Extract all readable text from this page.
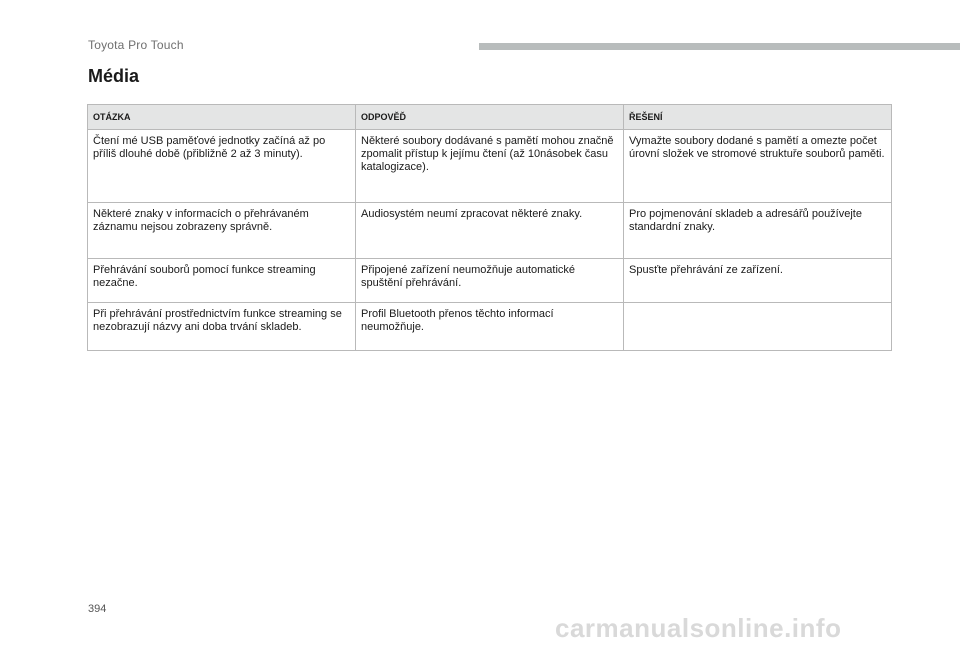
Toyota Pro Touch
Média
OTÁZKA	ODPOVĚĎ	ŘEŠENÍ
Čtení mé USB paměťové jednotky začíná až po příliš dlouhé době (přibližně 2 až 3 minuty).	Některé soubory dodávané s pamětí mohou značně zpomalit přístup k jejímu čtení (až 10násobek času katalogizace).	Vymažte soubory dodané s pamětí a omezte počet úrovní složek ve stromové struktuře souborů paměti.
Některé znaky v informacích o přehrávaném záznamu nejsou zobrazeny správně.	Audiosystém neumí zpracovat některé znaky.	Pro pojmenování skladeb a adresářů používejte standardní znaky.
Přehrávání souborů pomocí funkce streaming nezačne.	Připojené zařízení neumožňuje automatické spuštění přehrávání.	Spusťte přehrávání ze zařízení.
Při přehrávání prostřednictvím funkce streaming se nezobrazují názvy ani doba trvání skladeb.	Profil Bluetooth přenos těchto informací neumožňuje.	
394
carmanualsonline.info
